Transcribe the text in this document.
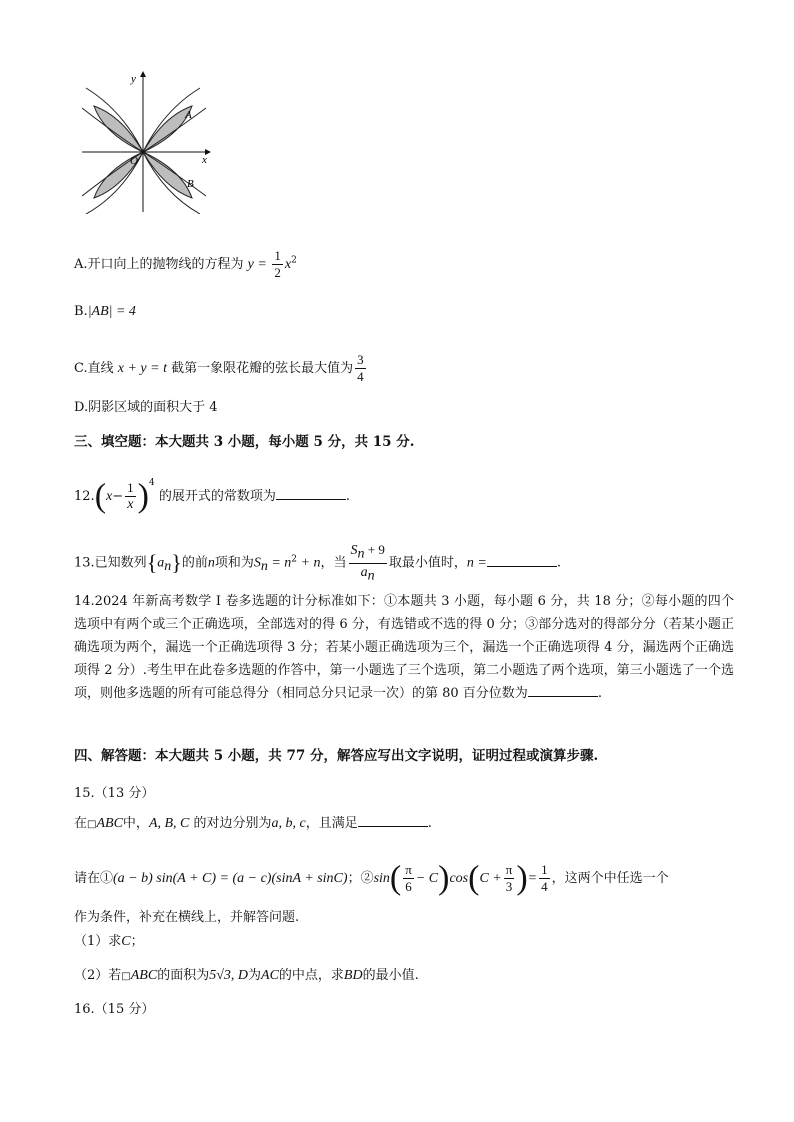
y
x
O
A
B
A.开口向上的抛物线的方程为 $y = \frac{1}{2} x^2$
B.|AB| = 4
C.直线 x + y = t 截第一象限花瓣的弦长最大值为 $\frac{3}{4}$
D.阴影区域的面积大于 4
三、填空题：本大题共 3 小题，每小题 5 分，共 15 分.
$12.(x- \frac{1}{x} )^4$ 的展开式的常数项为	.
13.已知数列$\{a_n\}$的前n项和为$S_n = n^2 + n$，当 $\frac{S_n + 9}{a_n}$ 取最小值时，n =	.
14.2024 年新高考数学 I 卷多选题的计分标准如下：①本题共 3 小题，每小题 6 分，共 18 分；②每小题的四个选项中有两个或三个正确选项，全部选对的得 6 分，有选错或不选的得 0 分；③部分选对的得部分分（若某小题正确选项为两个，漏选一个正确选项得 3 分；若某小题正确选项为三个，漏选一个正确选项得 4 分，漏选两个正确选项得 2 分）.考生甲在此卷多选题的作答中，第一小题选了三个选项，第二小题选了两个选项，第三小题选了一个选项，则他多选题的所有可能总得分（相同总分只记录一次）的第 80 百分位数为	.
四、解答题：本大题共 5 小题，共 77 分，解答应写出文字说明，证明过程或演算步骤.
15.（13 分）
在□ABC中，A, B, C 的对边分别为a, b, c，且满足	.
请在①(a − b) sin(A + C) = (a − c)(sinA + sinC)；②sin( $\frac{\pi}{6} - C)\cos(C + \frac{\pi}{3}$ )= $\frac{1}{4}$ ，这两个中任选一个
作为条件，补充在横线上，并解答问题.
（1）求C；
（2）若□ABC的面积为5√3, D为AC的中点，求BD的最小值.
16.（15 分）
